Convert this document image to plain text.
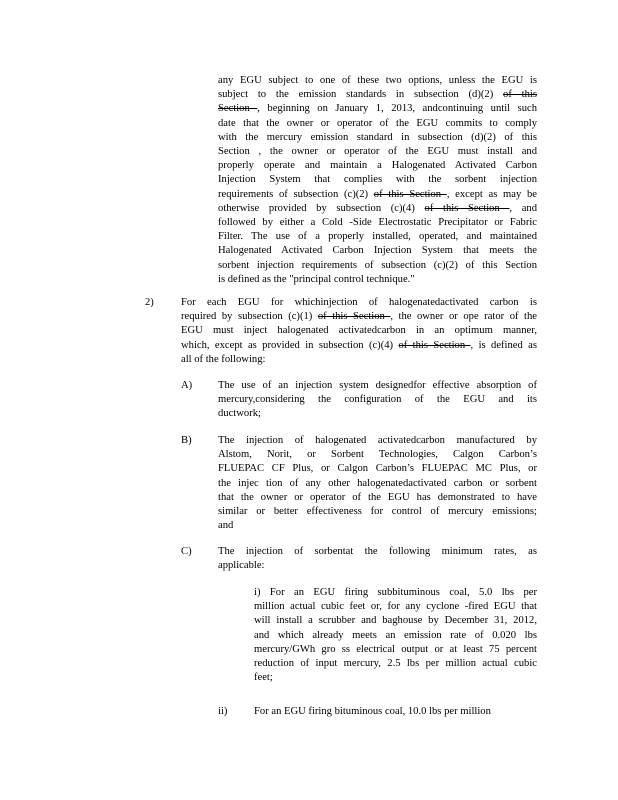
any EGU subject to one of these two options, unless the EGU is
subject to the emission standards in subsection (d)(2) of this
Section , beginning on January 1, 2013, andcontinuing until such
date that the owner or operator of the EGU commits to comply
with the mercury emission standard in subsection (d)(2) of this
Section , the owner or operator of the EGU must install and
properly operate and maintain a Halogenated Activated Carbon
Injection System that complies with the sorbent injection
requirements of subsection (c)(2) of this Section , except as may be
otherwise provided by subsection (c)(4) of this Section , and
followed by either a Cold -Side Electrostatic Precipitator or Fabric
Filter. The use of a properly installed, operated, and maintained
Halogenated Activated Carbon Injection System that meets the
sorbent injection requirements of subsection (c)(2) of this Section
is defined as the "principal control technique."
2)	For each EGU for whichinjection of halogenatedactivated carbon is
required by subsection (c)(1) of this Section , the owner or ope rator of the
EGU must inject halogenated activatedcarbon in an optimum manner,
which, except as provided in subsection (c)(4) of this Section , is defined as
all of the following:
A) The use of an injection system designedfor effective absorption of
mercury,considering the configuration of the EGU and its
ductwork;
B) The injection of halogenated activatedcarbon manufactured by
Alstom, Norit, or Sorbent Technologies, Calgon Carbon’s
FLUEPAC CF Plus, or Calgon Carbon’s FLUEPAC MC Plus, or
the injec tion of any other halogenatedactivated carbon or sorbent
that the owner or operator of the EGU has demonstrated to have
similar or better effectiveness for control of mercury emissions;
and
C) The injection of sorbentat the following minimum rates, as
applicable:
i) For an EGU firing subbituminous coal, 5.0 lbs per
million actual cubic feet or, for any cyclone -fired EGU that
will install a scrubber and baghouse by December 31, 2012,
and which already meets an emission rate of 0.020 lbs
mercury/GWh gro ss electrical output or at least 75 percent
reduction of input mercury, 2.5 lbs per million actual cubic
feet;
ii)	For an EGU firing bituminous coal, 10.0 lbs per million
